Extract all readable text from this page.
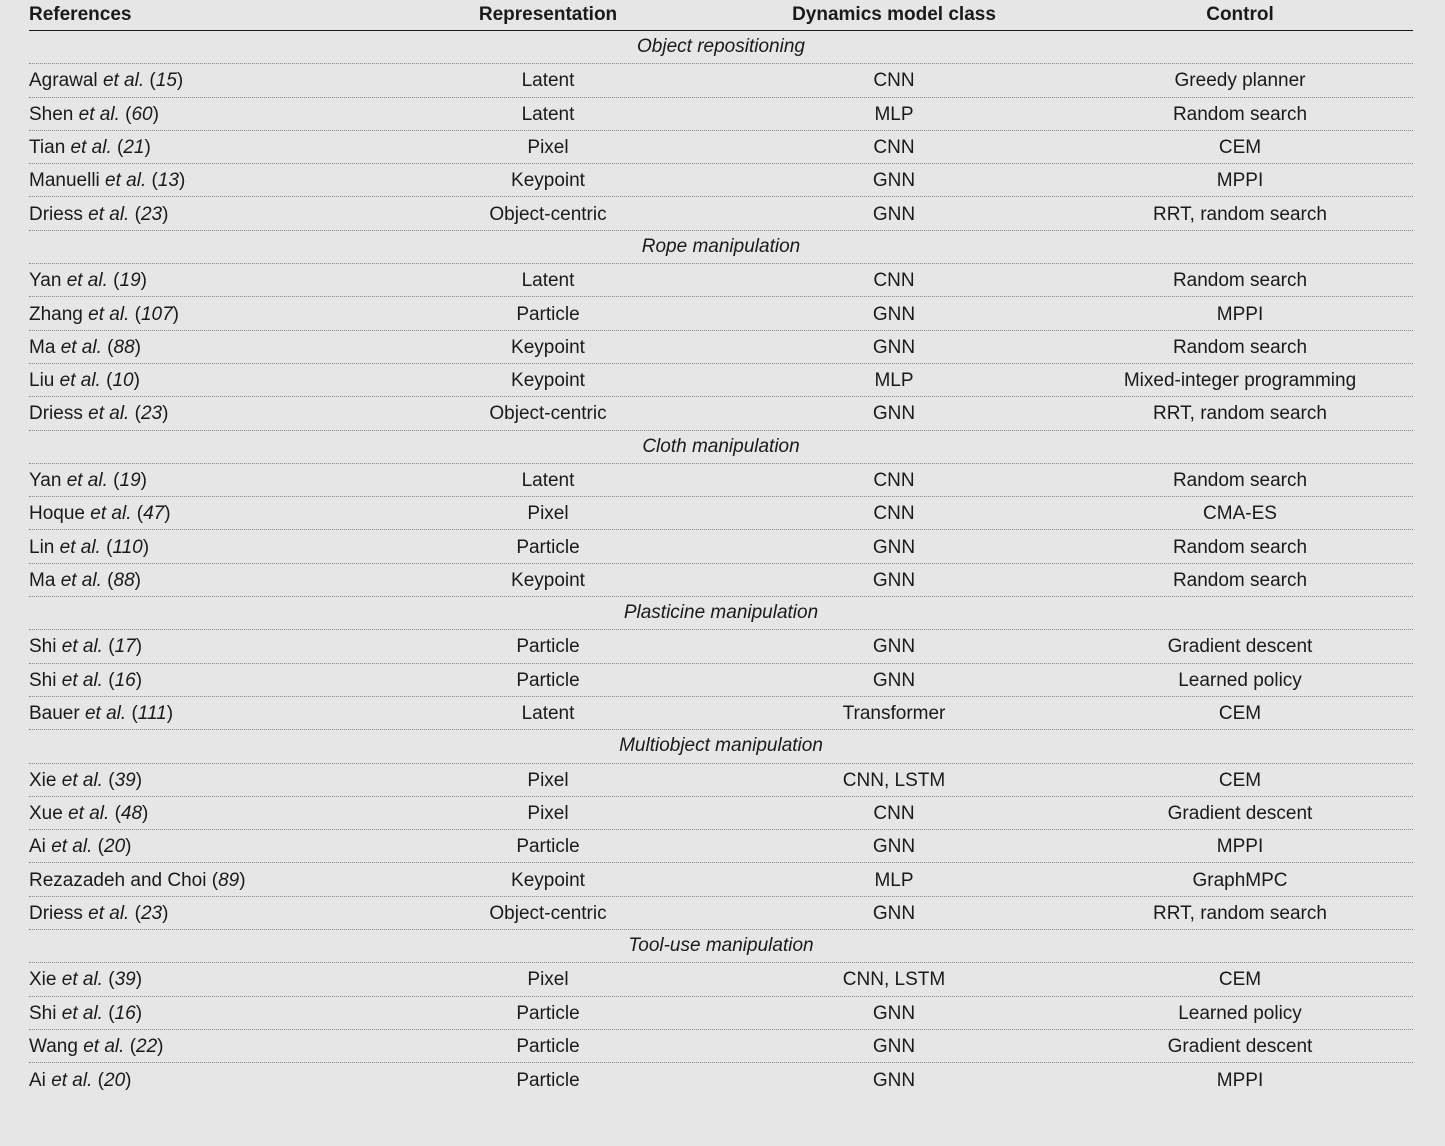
References	Representation	Dynamics model class	Control
Object repositioning
Agrawal et al. (15)	Latent	CNN	Greedy planner
Shen et al. (60)	Latent	MLP	Random search
Tian et al. (21)	Pixel	CNN	CEM
Manuelli et al. (13)	Keypoint	GNN	MPPI
Driess et al. (23)	Object-centric	GNN	RRT, random search
Rope manipulation
Yan et al. (19)	Latent	CNN	Random search
Zhang et al. (107)	Particle	GNN	MPPI
Ma et al. (88)	Keypoint	GNN	Random search
Liu et al. (10)	Keypoint	MLP	Mixed-integer programming
Driess et al. (23)	Object-centric	GNN	RRT, random search
Cloth manipulation
Yan et al. (19)	Latent	CNN	Random search
Hoque et al. (47)	Pixel	CNN	CMA-ES
Lin et al. (110)	Particle	GNN	Random search
Ma et al. (88)	Keypoint	GNN	Random search
Plasticine manipulation
Shi et al. (17)	Particle	GNN	Gradient descent
Shi et al. (16)	Particle	GNN	Learned policy
Bauer et al. (111)	Latent	Transformer	CEM
Multiobject manipulation
Xie et al. (39)	Pixel	CNN, LSTM	CEM
Xue et al. (48)	Pixel	CNN	Gradient descent
Ai et al. (20)	Particle	GNN	MPPI
Rezazadeh and Choi (89)	Keypoint	MLP	GraphMPC
Driess et al. (23)	Object-centric	GNN	RRT, random search
Tool-use manipulation
Xie et al. (39)	Pixel	CNN, LSTM	CEM
Shi et al. (16)	Particle	GNN	Learned policy
Wang et al. (22)	Particle	GNN	Gradient descent
Ai et al. (20)	Particle	GNN	MPPI
